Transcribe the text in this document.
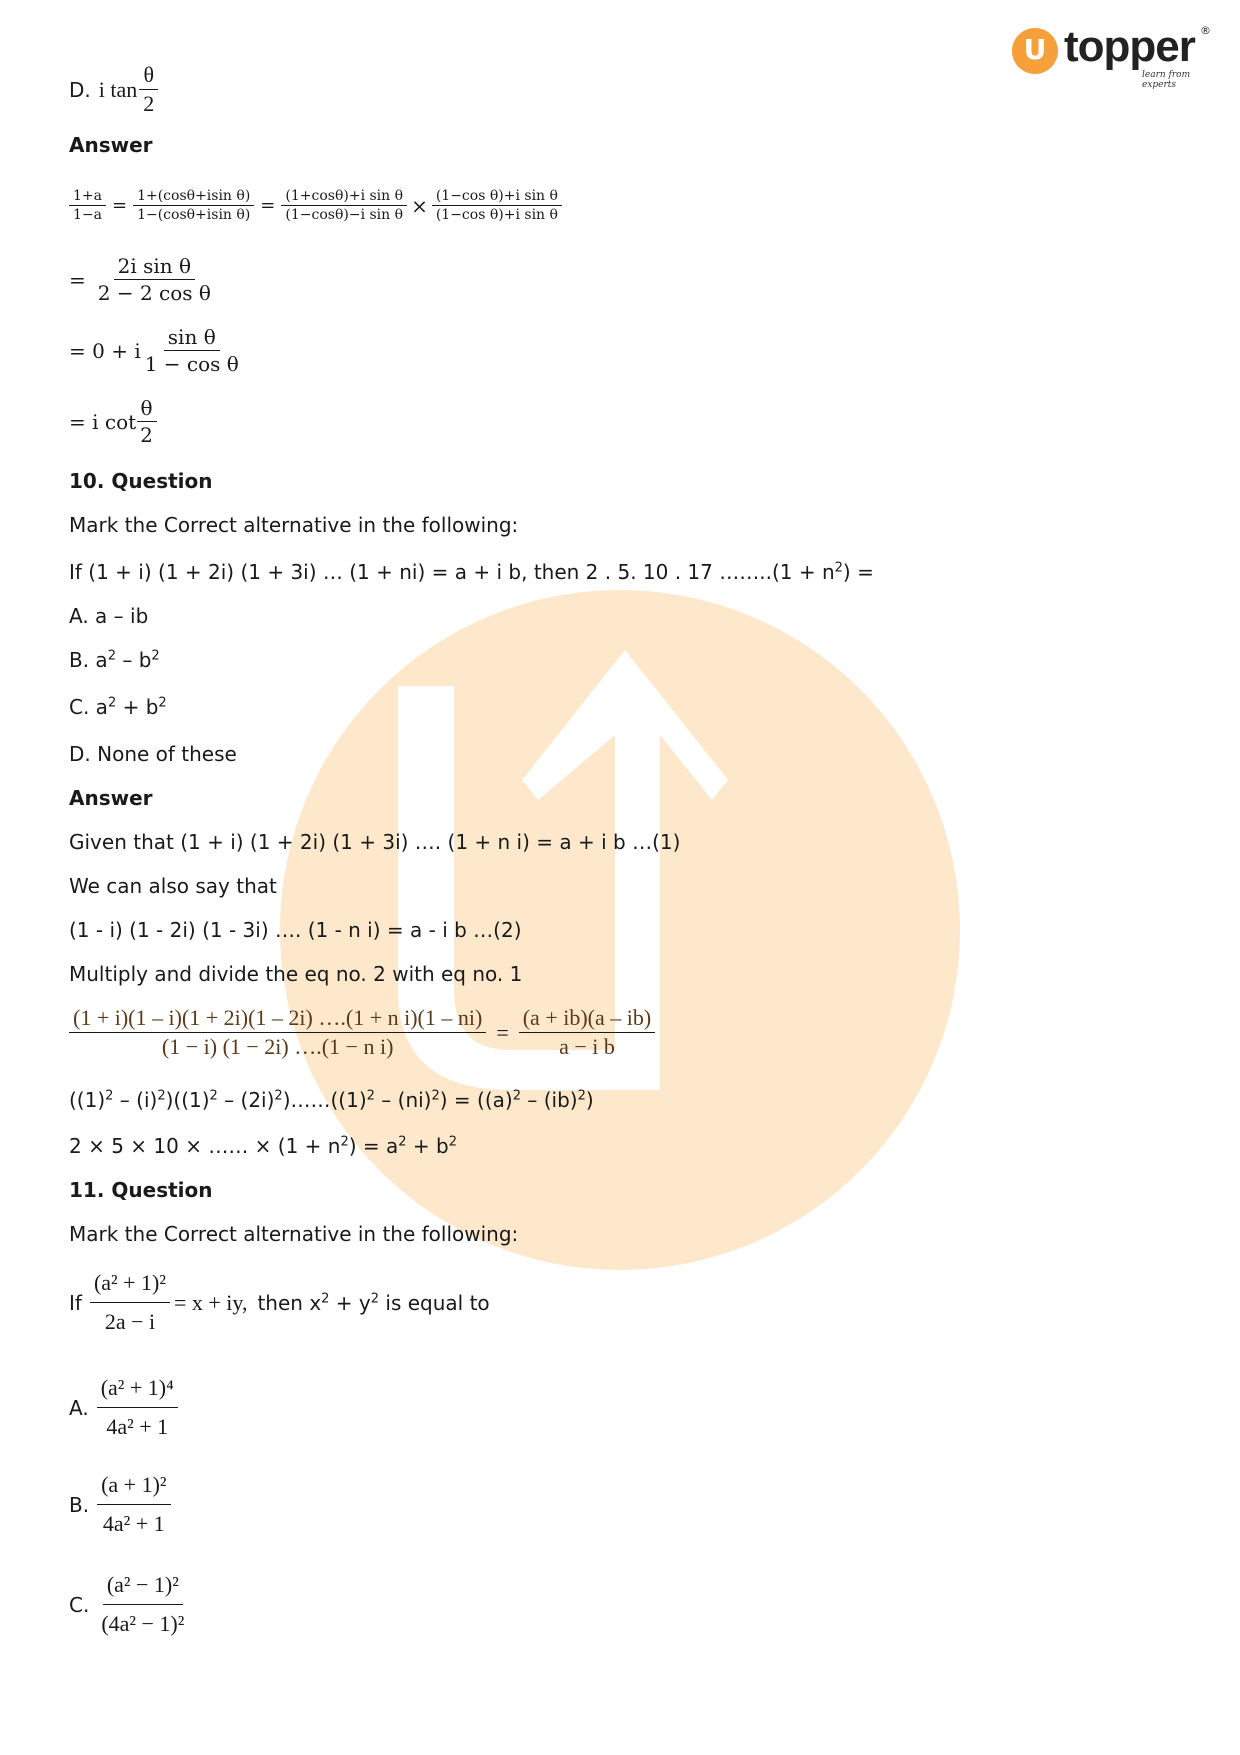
U topper ®
learn from experts
D. i $\tan \frac{\theta}{2}$
Answer
$\frac{1+a}{1-a} = \frac{\text{1+(cosθ+isin θ)}}{\text{1−(cosθ+isin θ)}} = \frac{\text{(1+cosθ)+i sin θ}}{\text{(1−cosθ)−i sin θ}} \times \frac{\text{(1−cos θ)+i sin θ}}{\text{(1−cos θ)+i sin θ}}$
= $\frac{\text{2i sin θ}}{\text{2 − 2 cos θ}}$
= 0 + i $\frac{\text{sin θ}}{\text{1 − cos θ}}$
= i $\cot \frac{\theta}{2}$
10. Question
Mark the Correct alternative in the following:
If (1 + i) (1 + 2i) (1 + 3i) … (1 + ni) = a + i b, then 2 . 5. 10 . 17 ……..(1 + $n^2$) =
A. a – ib
B. $a^2 - b^2$
C. $a^2 + b^2$
D. None of these
Answer
Given that (1 + i) (1 + 2i) (1 + 3i) …. (1 + n i) = a + i b …(1)
We can also say that
(1 - i) (1 - 2i) (1 - 3i) …. (1 - n i) = a - i b …(2)
Multiply and divide the eq no. 2 with eq no. 1
$\frac{\text{(1 + i)(1 – i)(1 + 2i)(1 – 2i) ….(1 + n i)(1 – ni)}}{\text{(1 − i) (1 − 2i) ….(1 − n i)}} = \frac{(a + ib)(a - ib)}{\text{a − i b}}$
$((1)^2 - (i)^2)((1)^2$ – $(2i)^2)\dots\dots((1)^2 - (ni)^2) = ((a)^2 - (ib)^2)$
2 × 5 × 10 × …… × $(1 + n^2) = a^2 + b^2$
11. Question
Mark the Correct alternative in the following:
If $\frac{\text{(a² + 1)²}}{2a - i} = x$ + iy, then $x^2 + y^2$ is equal to
A. $\frac{\text{(a² + 1)⁴}}{\text{4a² + 1}}$
B. $\frac{\text{(a + 1)²}}{\text{4a² + 1}}$
C. $\frac{\text{(a² − 1)²}}{\text{(4a² − 1)²}}$
